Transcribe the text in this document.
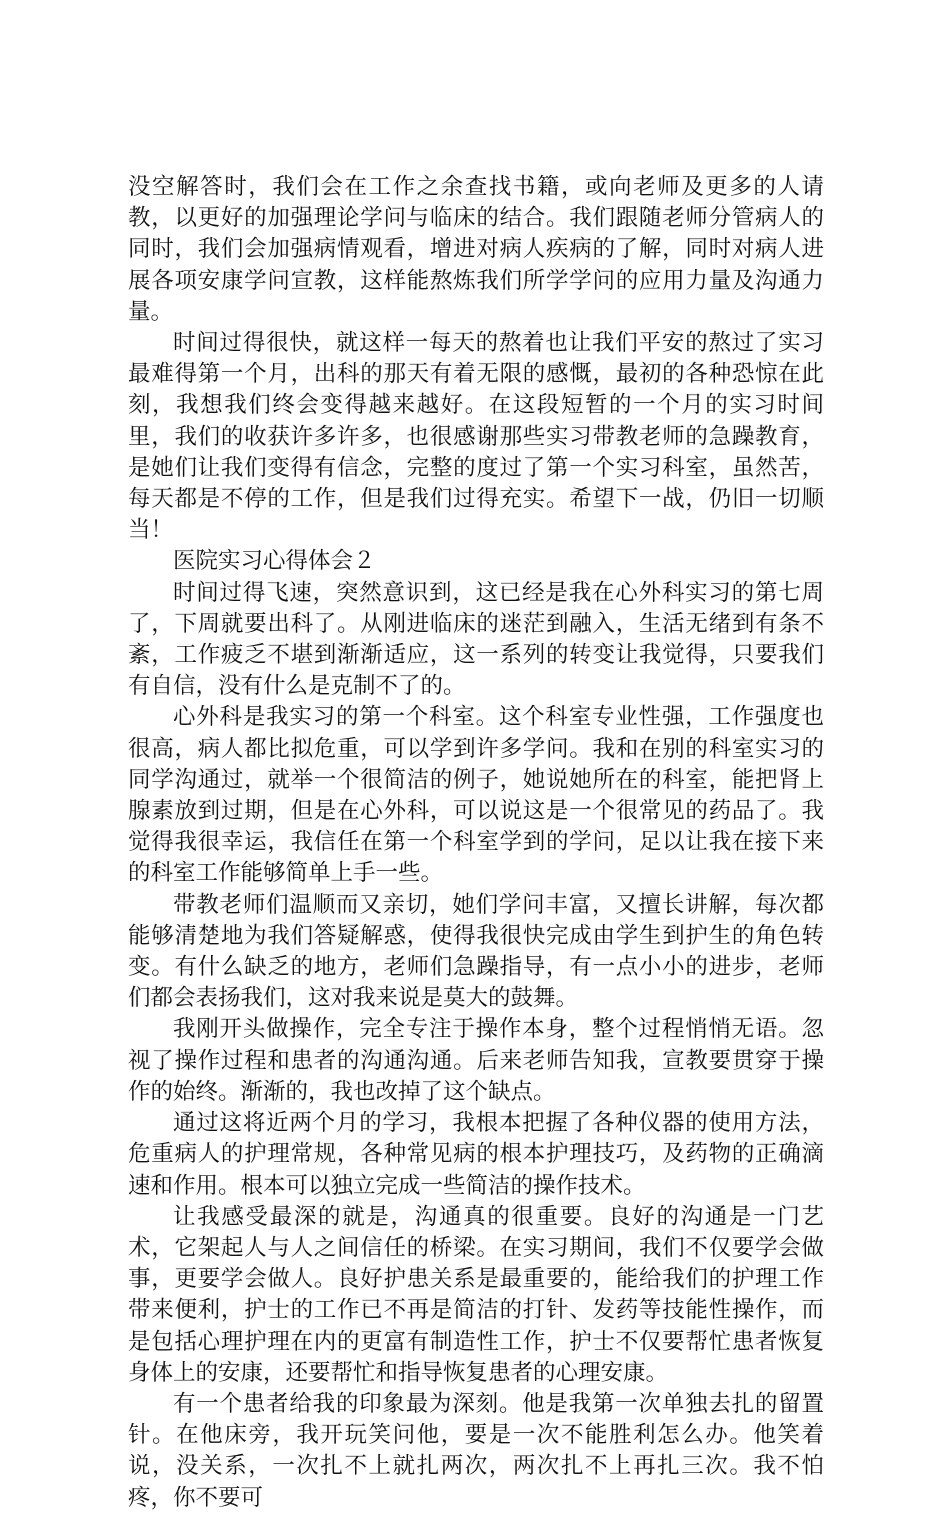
没空解答时，我们会在工作之余查找书籍，或向老师及更多的人请教，以更好的加强理论学问与临床的结合。我们跟随老师分管病人的同时，我们会加强病情观看，增进对病人疾病的了解，同时对病人进展各项安康学问宣教，这样能熬炼我们所学学问的应用力量及沟通力量。

时间过得很快，就这样一每天的熬着也让我们平安的熬过了实习最难得第一个月，出科的那天有着无限的感慨，最初的各种恐惊在此刻，我想我们终会变得越来越好。在这段短暂的一个月的实习时间里，我们的收获许多许多，也很感谢那些实习带教老师的急躁教育，是她们让我们变得有信念，完整的度过了第一个实习科室，虽然苦，每天都是不停的工作，但是我们过得充实。希望下一战，仍旧一切顺当！

医院实习心得体会２

时间过得飞速，突然意识到，这已经是我在心外科实习的第七周了，下周就要出科了。从刚进临床的迷茫到融入，生活无绪到有条不紊，工作疲乏不堪到渐渐适应，这一系列的转变让我觉得，只要我们有自信，没有什么是克制不了的。

心外科是我实习的第一个科室。这个科室专业性强，工作强度也很高，病人都比拟危重，可以学到许多学问。我和在别的科室实习的同学沟通过，就举一个很简洁的例子，她说她所在的科室，能把肾上腺素放到过期，但是在心外科，可以说这是一个很常见的药品了。我觉得我很幸运，我信任在第一个科室学到的学问，足以让我在接下来的科室工作能够简单上手一些。

带教老师们温顺而又亲切，她们学问丰富，又擅长讲解，每次都能够清楚地为我们答疑解惑，使得我很快完成由学生到护生的角色转变。有什么缺乏的地方，老师们急躁指导，有一点小小的进步，老师们都会表扬我们，这对我来说是莫大的鼓舞。

我刚开头做操作，完全专注于操作本身，整个过程悄悄无语。忽视了操作过程和患者的沟通沟通。后来老师告知我，宣教要贯穿于操作的始终。渐渐的，我也改掉了这个缺点。

通过这将近两个月的学习，我根本把握了各种仪器的使用方法，危重病人的护理常规，各种常见病的根本护理技巧，及药物的正确滴速和作用。根本可以独立完成一些简洁的操作技术。

让我感受最深的就是，沟通真的很重要。良好的沟通是一门艺术，它架起人与人之间信任的桥梁。在实习期间，我们不仅要学会做事，更要学会做人。良好护患关系是最重要的，能给我们的护理工作带来便利，护士的工作已不再是简洁的打针、发药等技能性操作，而是包括心理护理在内的更富有制造性工作，护士不仅要帮忙患者恢复身体上的安康，还要帮忙和指导恢复患者的心理安康。

有一个患者给我的印象最为深刻。他是我第一次单独去扎的留置针。在他床旁，我开玩笑问他，要是一次不能胜利怎么办。他笑着说，没关系，一次扎不上就扎两次，两次扎不上再扎三次。我不怕疼，你不要可
